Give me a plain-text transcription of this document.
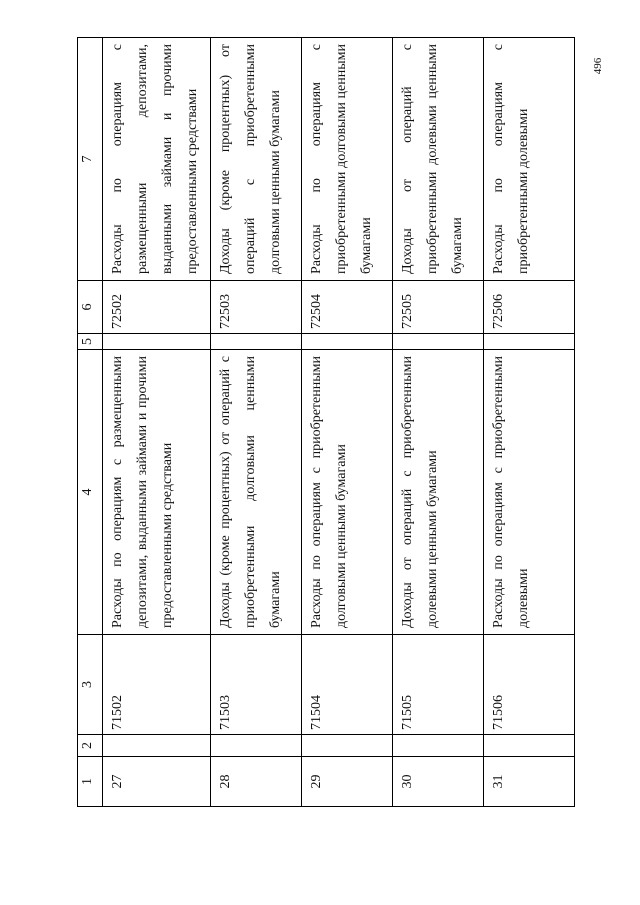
496
1	2	3	4	5	6	7
27		71502	Расходы по операциям с размещенными депозитами, выданными займами и прочими предоставленными средствами		72502	Расходы по операциям с размещенными депозитами, выданными займами и прочими предоставленными средствами
28		71503	Доходы (кроме процентных) от операций с приобретенными долговыми ценными бумагами		72503	Доходы (кроме процентных) от операций с приобретенными долговыми ценными бумагами
29		71504	Расходы по операциям с приобретенными долговыми ценными бумагами		72504	Расходы по операциям с приобретенными долговыми ценными бумагами
30		71505	Доходы от операций с приобретенными долевыми ценными бумагами		72505	Доходы от операций с приобретенными долевыми ценными бумагами
31		71506	Расходы по операциям с приобретенными долевыми		72506	Расходы по операциям с приобретенными долевыми
